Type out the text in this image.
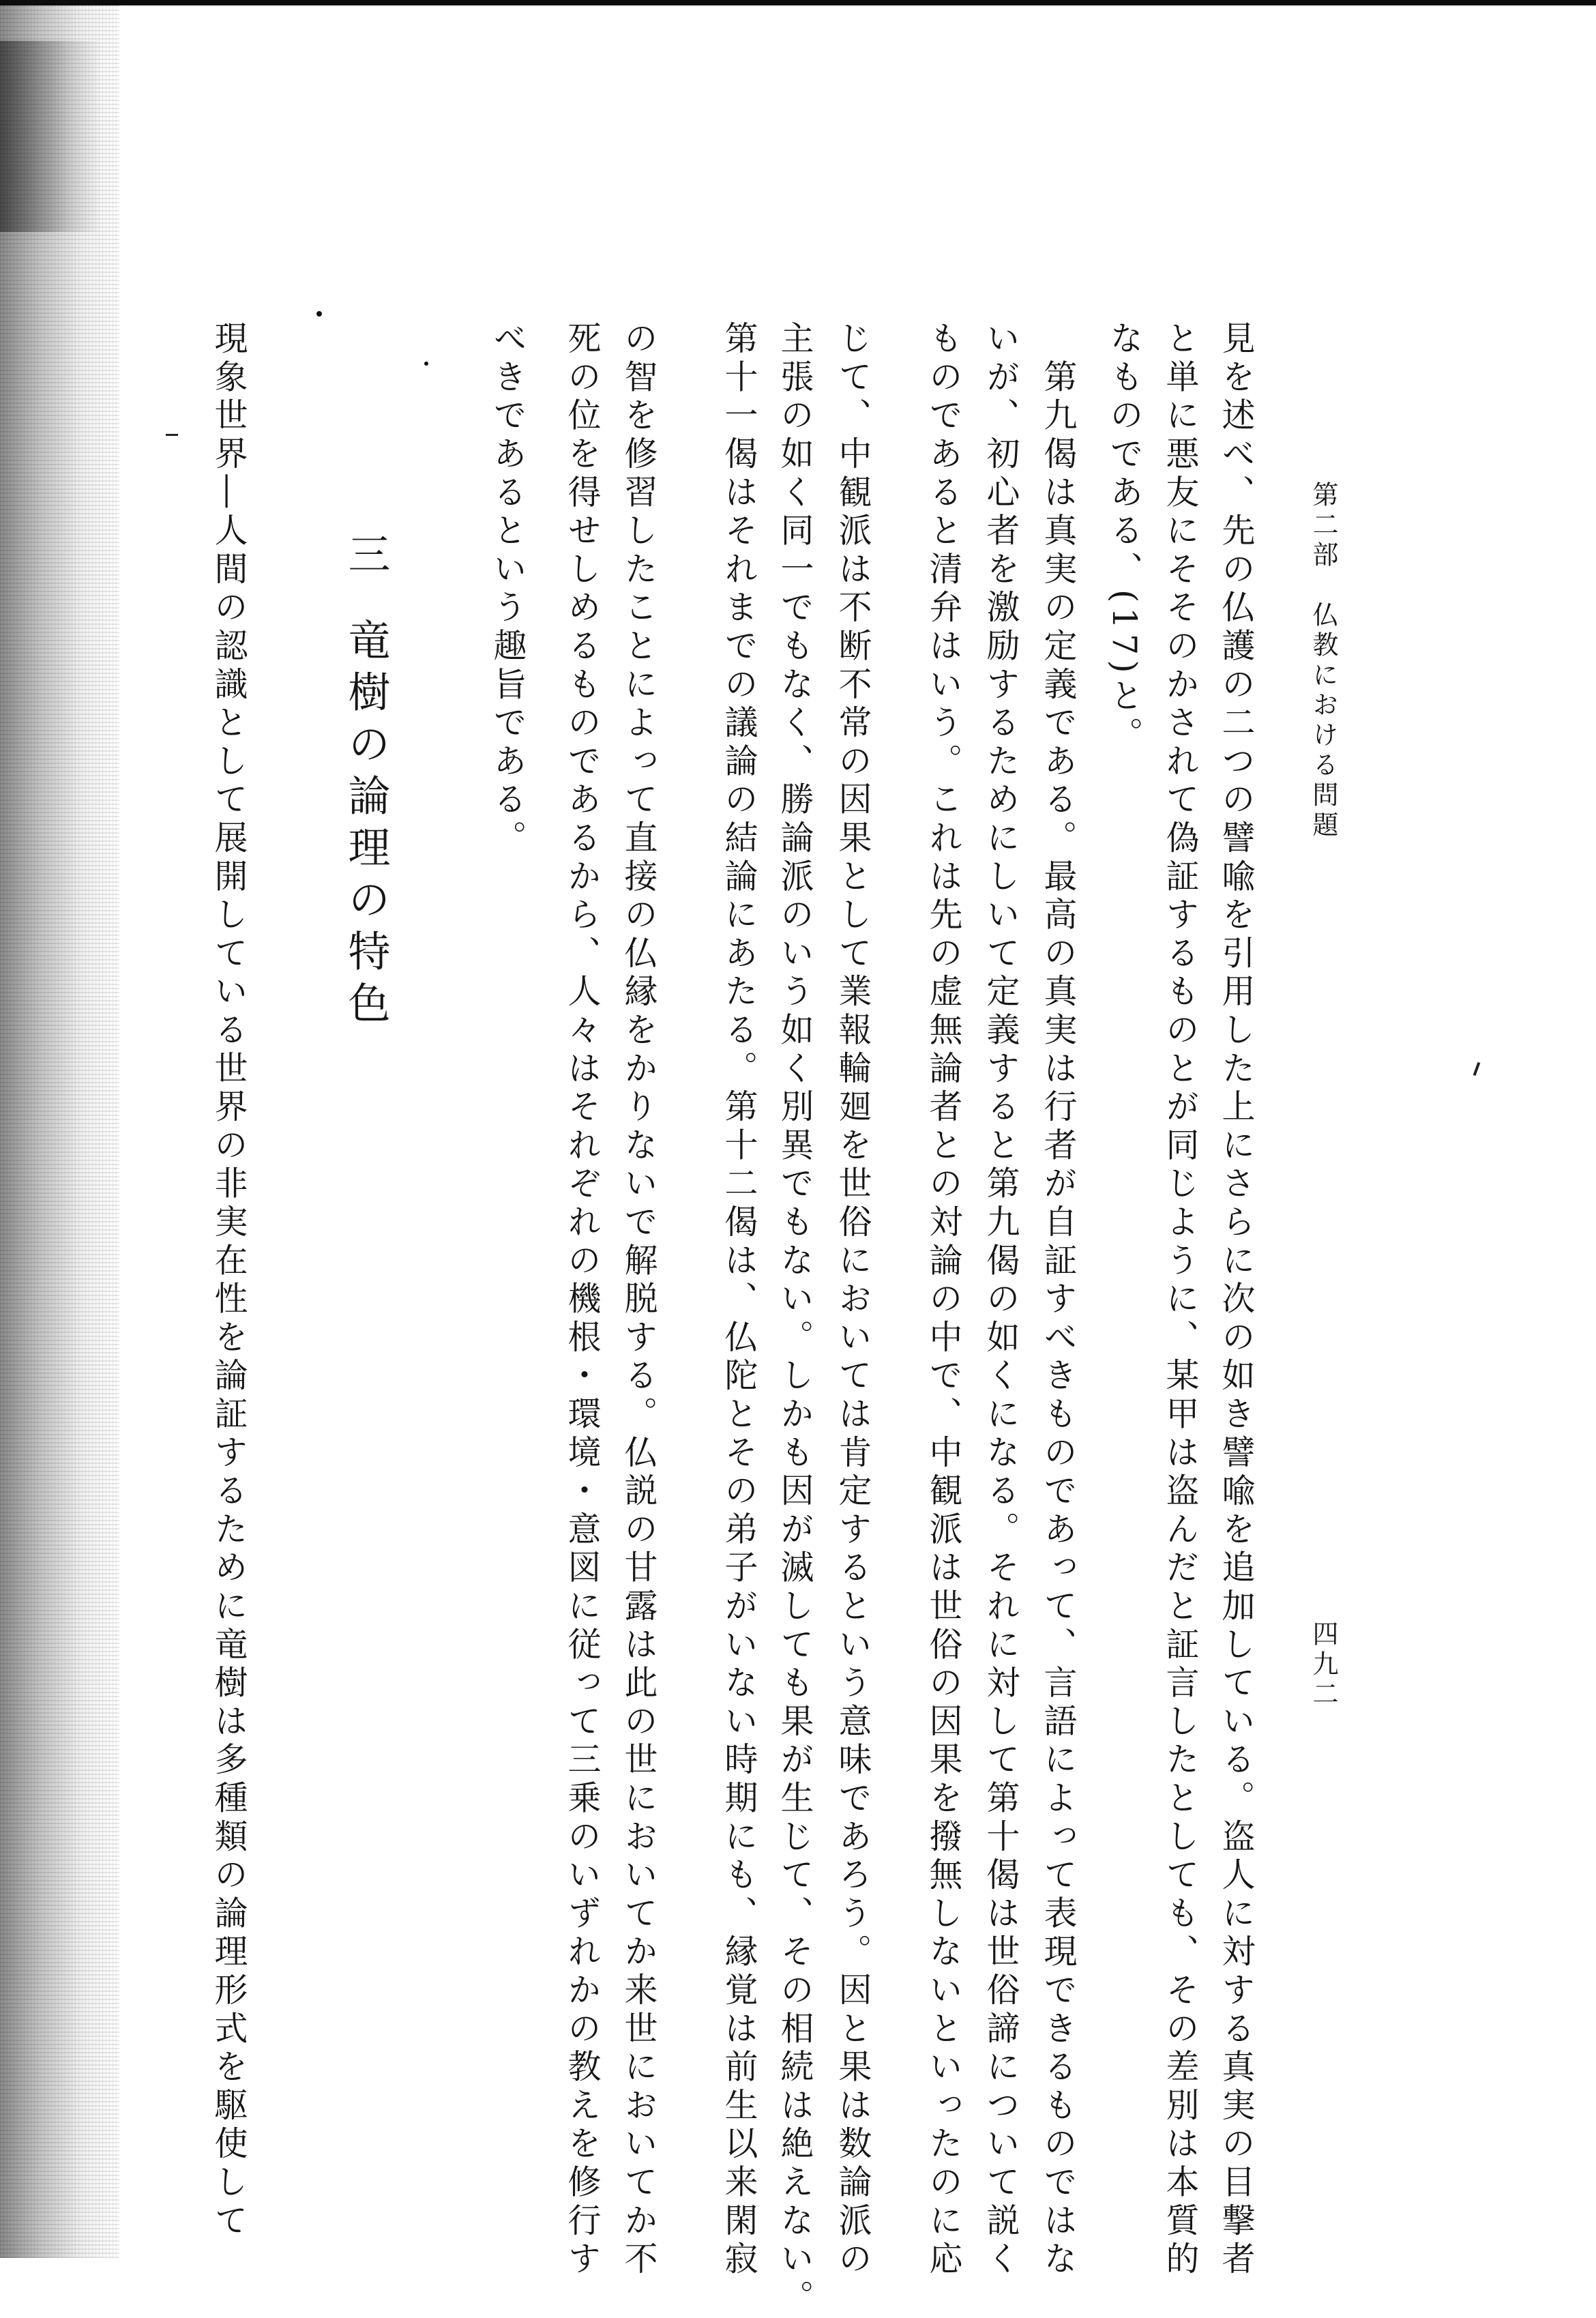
第二部　仏教における問題
四九二
見を述べ、先の仏護の二つの譬喩を引用した上にさらに次の如き譬喩を追加している。盗人に対する真実の目撃者
と単に悪友にそそのかされて偽証するものとが同じように、某甲は盗んだと証言したとしても、その差別は本質的
なものである、(17)と。
　第九偈は真実の定義である。最高の真実は行者が自証すべきものであって、言語によって表現できるものではな
いが、初心者を激励するためにしいて定義すると第九偈の如くになる。それに対して第十偈は世俗諦について説く
ものであると清弁はいう。これは先の虚無論者との対論の中で、中観派は世俗の因果を撥無しないといったのに応
じて、中観派は不断不常の因果として業報輪廻を世俗においては肯定するという意味であろう。因と果は数論派の
主張の如く同一でもなく、勝論派のいう如く別異でもない。しかも因が滅しても果が生じて、その相続は絶えない。
第十一偈はそれまでの議論の結論にあたる。第十二偈は、仏陀とその弟子がいない時期にも、縁覚は前生以来閑寂
の智を修習したことによって直接の仏縁をかりないで解脱する。仏説の甘露は此の世においてか来世においてか不
死の位を得せしめるものであるから、人々はそれぞれの機根・環境・意図に従って三乗のいずれかの教えを修行す
べきであるという趣旨である。
三竜樹の論理の特色
現象世界―人間の認識として展開している世界の非実在性を論証するために竜樹は多種類の論理形式を駆使して
